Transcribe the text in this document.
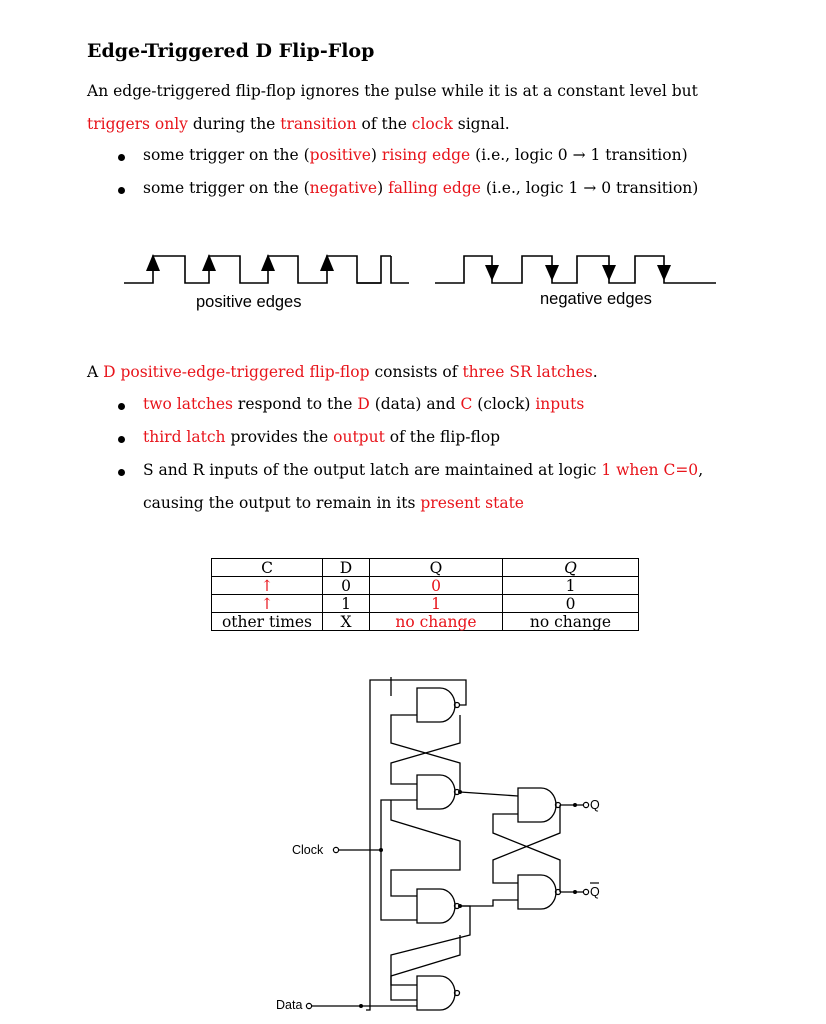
Edge-Triggered D Flip-Flop
An edge-triggered flip-flop ignores the pulse while it is at a constant level but
triggers only during the transition of the clock signal.
some trigger on the (positive) rising edge (i.e., logic 0 → 1 transition)
some trigger on the (negative) falling edge (i.e., logic 1 → 0 transition)
positive edges	negative edges
A D positive-edge-triggered flip-flop consists of three SR latches.
two latches respond to the D (data) and C (clock) inputs
third latch provides the output of the flip-flop
S and R inputs of the output latch are maintained at logic 1 when C=0,
causing the output to remain in its present state
C	D	Q	Q̅
↑	0	0	1
↑	1	1	0
other times	X	no change	no change
Clock
Data
Q
Q
